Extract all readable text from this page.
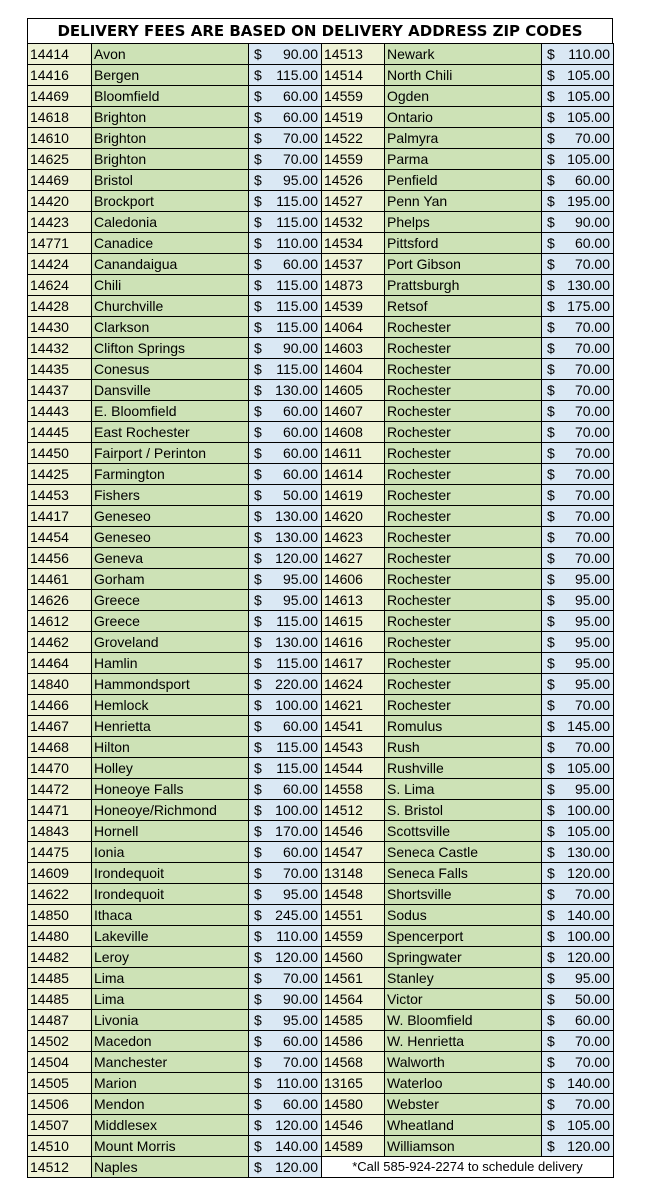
DELIVERY FEES ARE BASED ON DELIVERY ADDRESS ZIP CODES
14414	Avon	$ 90.00	14513	Newark	$ 110.00

14416	Bergen	$ 115.00	14514	North Chili	$ 105.00

14469	Bloomfield	$ 60.00	14559	Ogden	$ 105.00

14618	Brighton	$ 60.00	14519	Ontario	$ 105.00

14610	Brighton	$ 70.00	14522	Palmyra	$ 70.00

14625	Brighton	$ 70.00	14559	Parma	$ 105.00

14469	Bristol	$ 95.00	14526	Penfield	$ 60.00

14420	Brockport	$ 115.00	14527	Penn Yan	$ 195.00

14423	Caledonia	$ 115.00	14532	Phelps	$ 90.00

14771	Canadice	$ 110.00	14534	Pittsford	$ 60.00

14424	Canandaigua	$ 60.00	14537	Port Gibson	$ 70.00

14624	Chili	$ 115.00	14873	Prattsburgh	$ 130.00

14428	Churchville	$ 115.00	14539	Retsof	$ 175.00

14430	Clarkson	$ 115.00	14064	Rochester	$ 70.00

14432	Clifton Springs	$ 90.00	14603	Rochester	$ 70.00

14435	Conesus	$ 115.00	14604	Rochester	$ 70.00

14437	Dansville	$ 130.00	14605	Rochester	$ 70.00

14443	E. Bloomfield	$ 60.00	14607	Rochester	$ 70.00

14445	East Rochester	$ 60.00	14608	Rochester	$ 70.00

14450	Fairport / Perinton	$ 60.00	14611	Rochester	$ 70.00

14425	Farmington	$ 60.00	14614	Rochester	$ 70.00

14453	Fishers	$ 50.00	14619	Rochester	$ 70.00

14417	Geneseo	$ 130.00	14620	Rochester	$ 70.00

14454	Geneseo	$ 130.00	14623	Rochester	$ 70.00

14456	Geneva	$ 120.00	14627	Rochester	$ 70.00

14461	Gorham	$ 95.00	14606	Rochester	$ 95.00

14626	Greece	$ 95.00	14613	Rochester	$ 95.00

14612	Greece	$ 115.00	14615	Rochester	$ 95.00

14462	Groveland	$ 130.00	14616	Rochester	$ 95.00

14464	Hamlin	$ 115.00	14617	Rochester	$ 95.00

14840	Hammondsport	$ 220.00	14624	Rochester	$ 95.00

14466	Hemlock	$ 100.00	14621	Rochester	$ 70.00

14467	Henrietta	$ 60.00	14541	Romulus	$ 145.00

14468	Hilton	$ 115.00	14543	Rush	$ 70.00

14470	Holley	$ 115.00	14544	Rushville	$ 105.00

14472	Honeoye Falls	$ 60.00	14558	S. Lima	$ 95.00

14471	Honeoye/Richmond	$ 100.00	14512	S. Bristol	$ 100.00

14843	Hornell	$ 170.00	14546	Scottsville	$ 105.00

14475	Ionia	$ 60.00	14547	Seneca Castle	$ 130.00

14609	Irondequoit	$ 70.00	13148	Seneca Falls	$ 120.00

14622	Irondequoit	$ 95.00	14548	Shortsville	$ 70.00

14850	Ithaca	$ 245.00	14551	Sodus	$ 140.00

14480	Lakeville	$ 110.00	14559	Spencerport	$ 100.00

14482	Leroy	$ 120.00	14560	Springwater	$ 120.00

14485	Lima	$ 70.00	14561	Stanley	$ 95.00

14485	Lima	$ 90.00	14564	Victor	$ 50.00

14487	Livonia	$ 95.00	14585	W. Bloomfield	$ 60.00

14502	Macedon	$ 60.00	14586	W. Henrietta	$ 70.00

14504	Manchester	$ 70.00	14568	Walworth	$ 70.00

14505	Marion	$ 110.00	13165	Waterloo	$ 140.00

14506	Mendon	$ 60.00	14580	Webster	$ 70.00

14507	Middlesex	$ 120.00	14546	Wheatland	$ 105.00

14510	Mount Morris	$ 140.00	14589	Williamson	$ 120.00

14512	Naples	$ 120.00	*Call 585-924-2274 to schedule delivery		
